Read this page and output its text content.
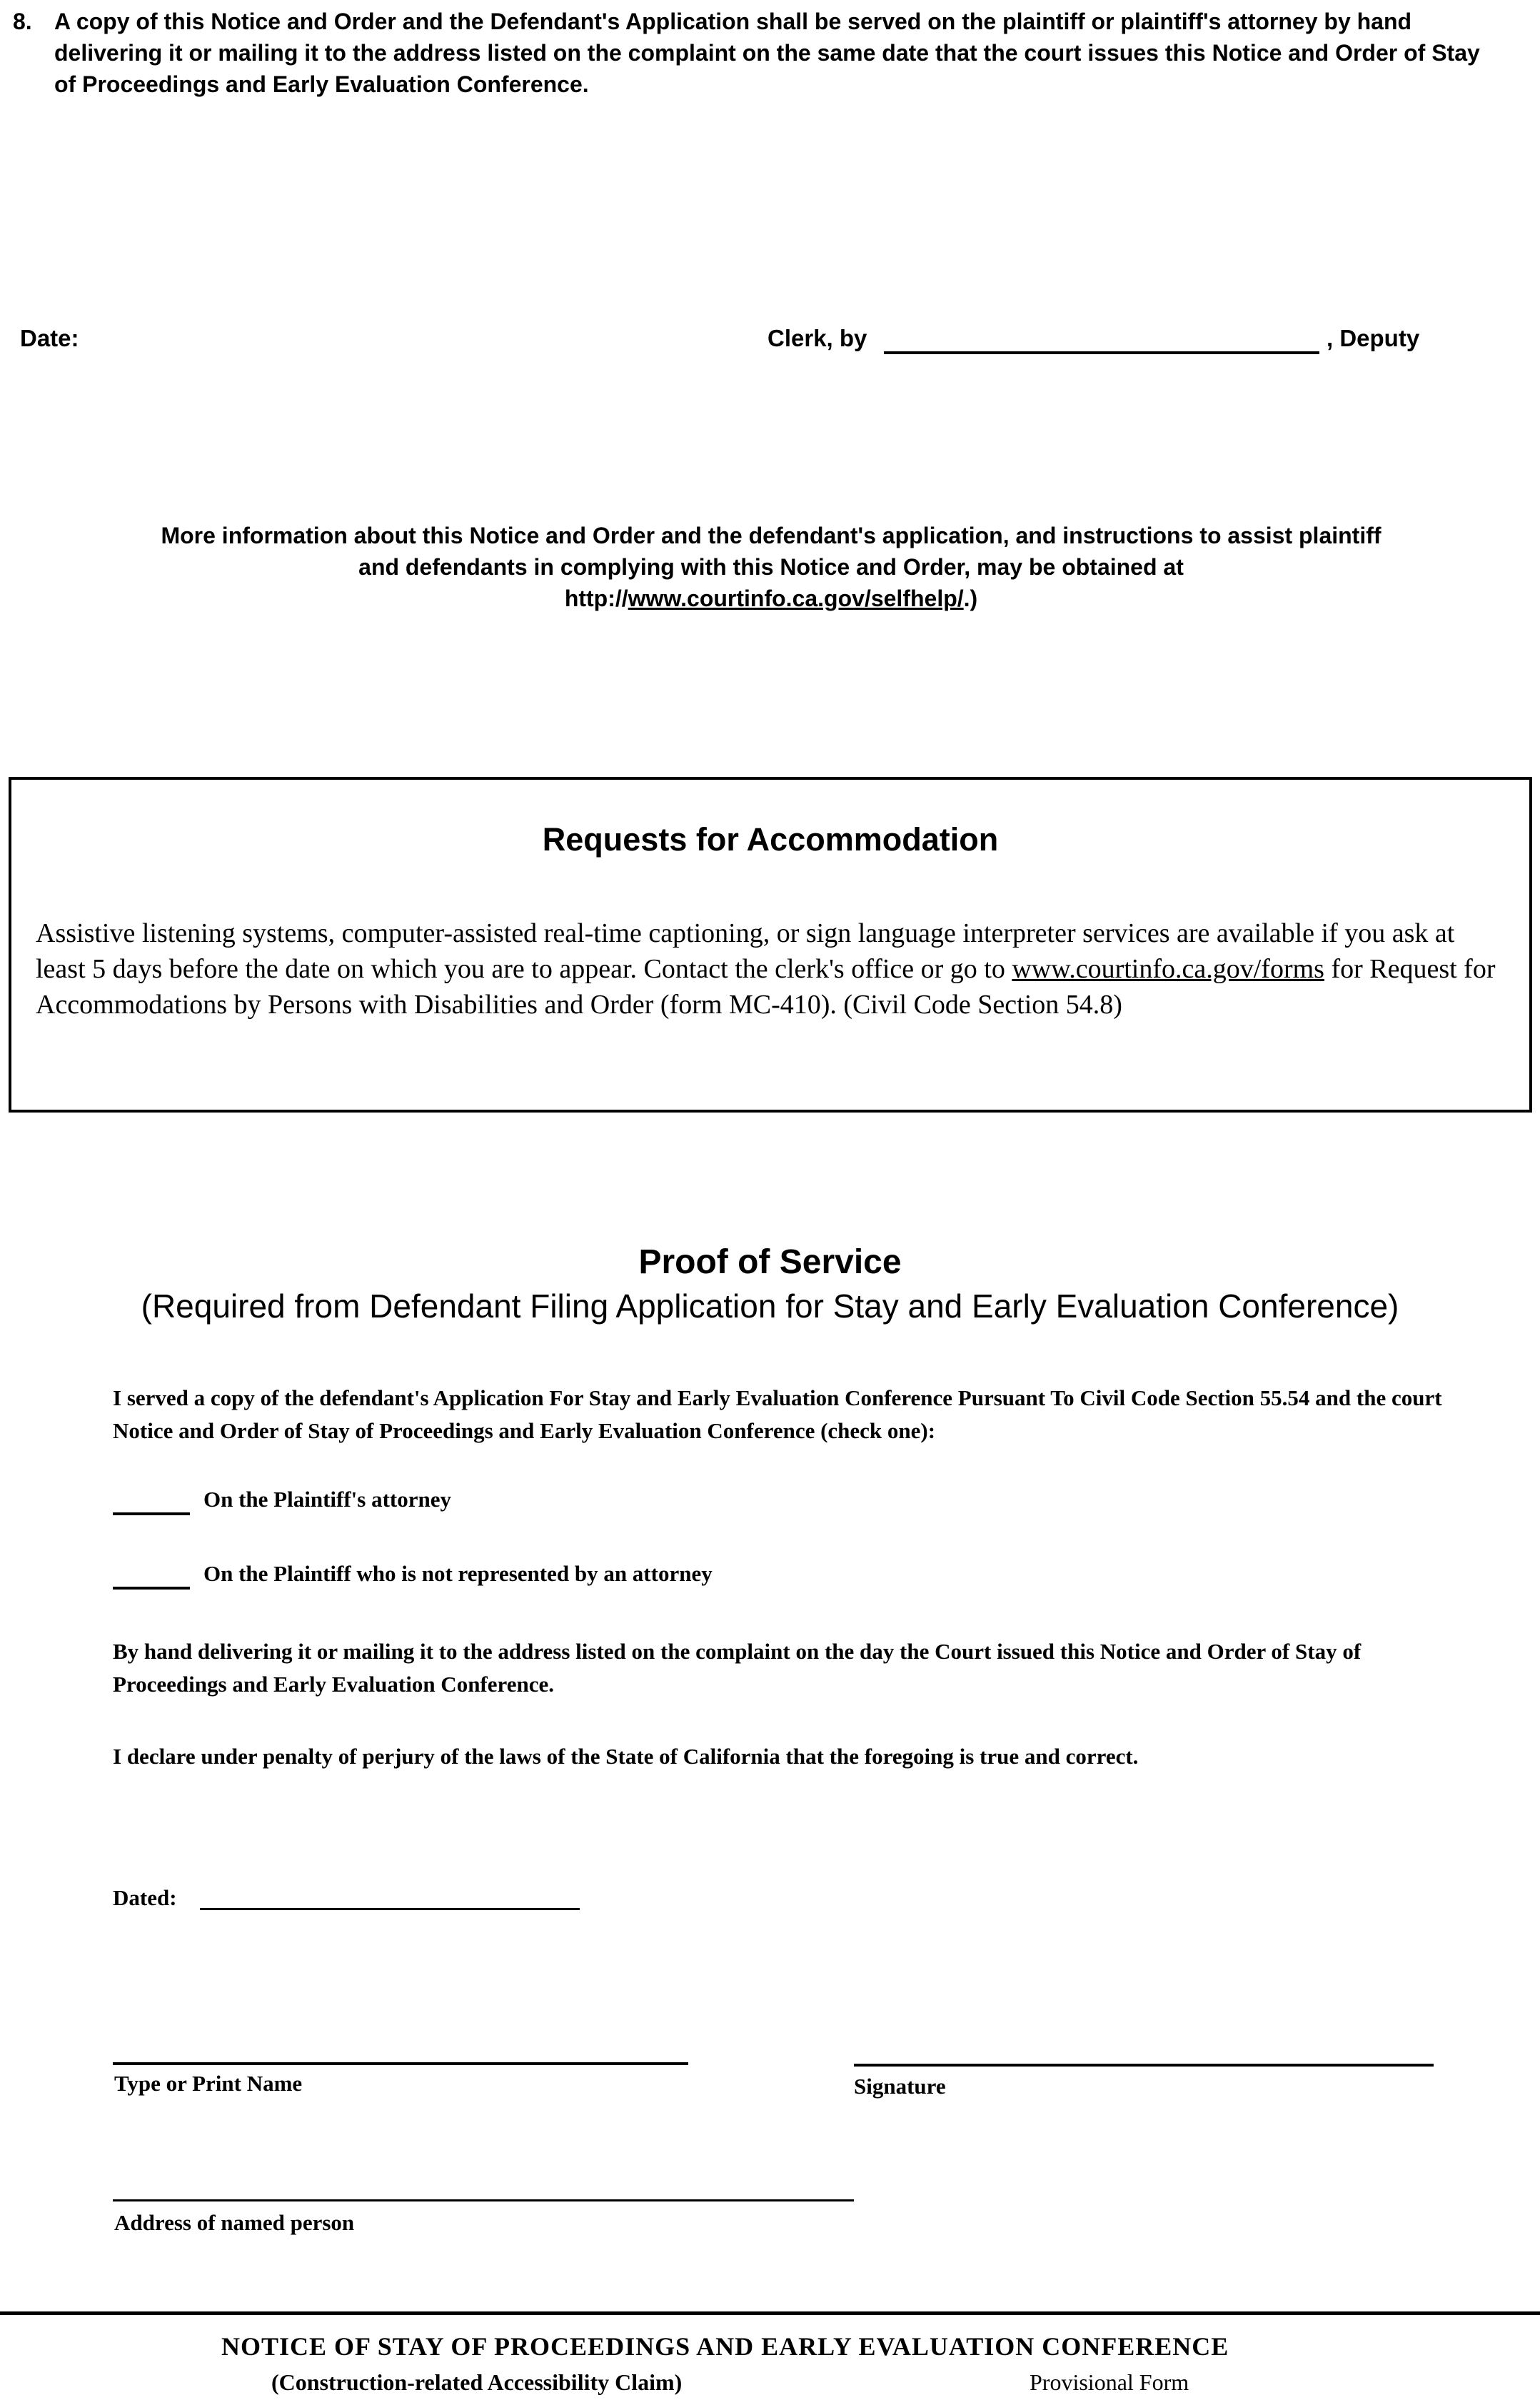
8. A copy of this Notice and Order and the Defendant's Application shall be served on the plaintiff or plaintiff's attorney by hand delivering it or mailing it to the address listed on the complaint on the same date that the court issues this Notice and Order of Stay of Proceedings and Early Evaluation Conference.
Date:	Clerk, by	, Deputy
More information about this Notice and Order and the defendant's application, and instructions to assist plaintiff and defendants in complying with this Notice and Order, may be obtained at
http://www.courtinfo.ca.gov/selfhelp/.)
Requests for Accommodation
Assistive listening systems, computer-assisted real-time captioning, or sign language interpreter services are available if you ask at least 5 days before the date on which you are to appear. Contact the clerk's office or go to www.courtinfo.ca.gov/forms for Request for Accommodations by Persons with Disabilities and Order (form MC-410). (Civil Code Section 54.8)
Proof of Service
(Required from Defendant Filing Application for Stay and Early Evaluation Conference)
I served a copy of the defendant's Application For Stay and Early Evaluation Conference Pursuant To Civil Code Section 55.54 and the court Notice and Order of Stay of Proceedings and Early Evaluation Conference (check one):
On the Plaintiff's attorney
On the Plaintiff who is not represented by an attorney
By hand delivering it or mailing it to the address listed on the complaint on the day the Court issued this Notice and Order of Stay of Proceedings and Early Evaluation Conference.
I declare under penalty of perjury of the laws of the State of California that the foregoing is true and correct.
Dated:
Type or Print Name	Signature
Address of named person
NOTICE OF STAY OF PROCEEDINGS AND EARLY EVALUATION CONFERENCE
(Construction-related Accessibility Claim)	Provisional Form
